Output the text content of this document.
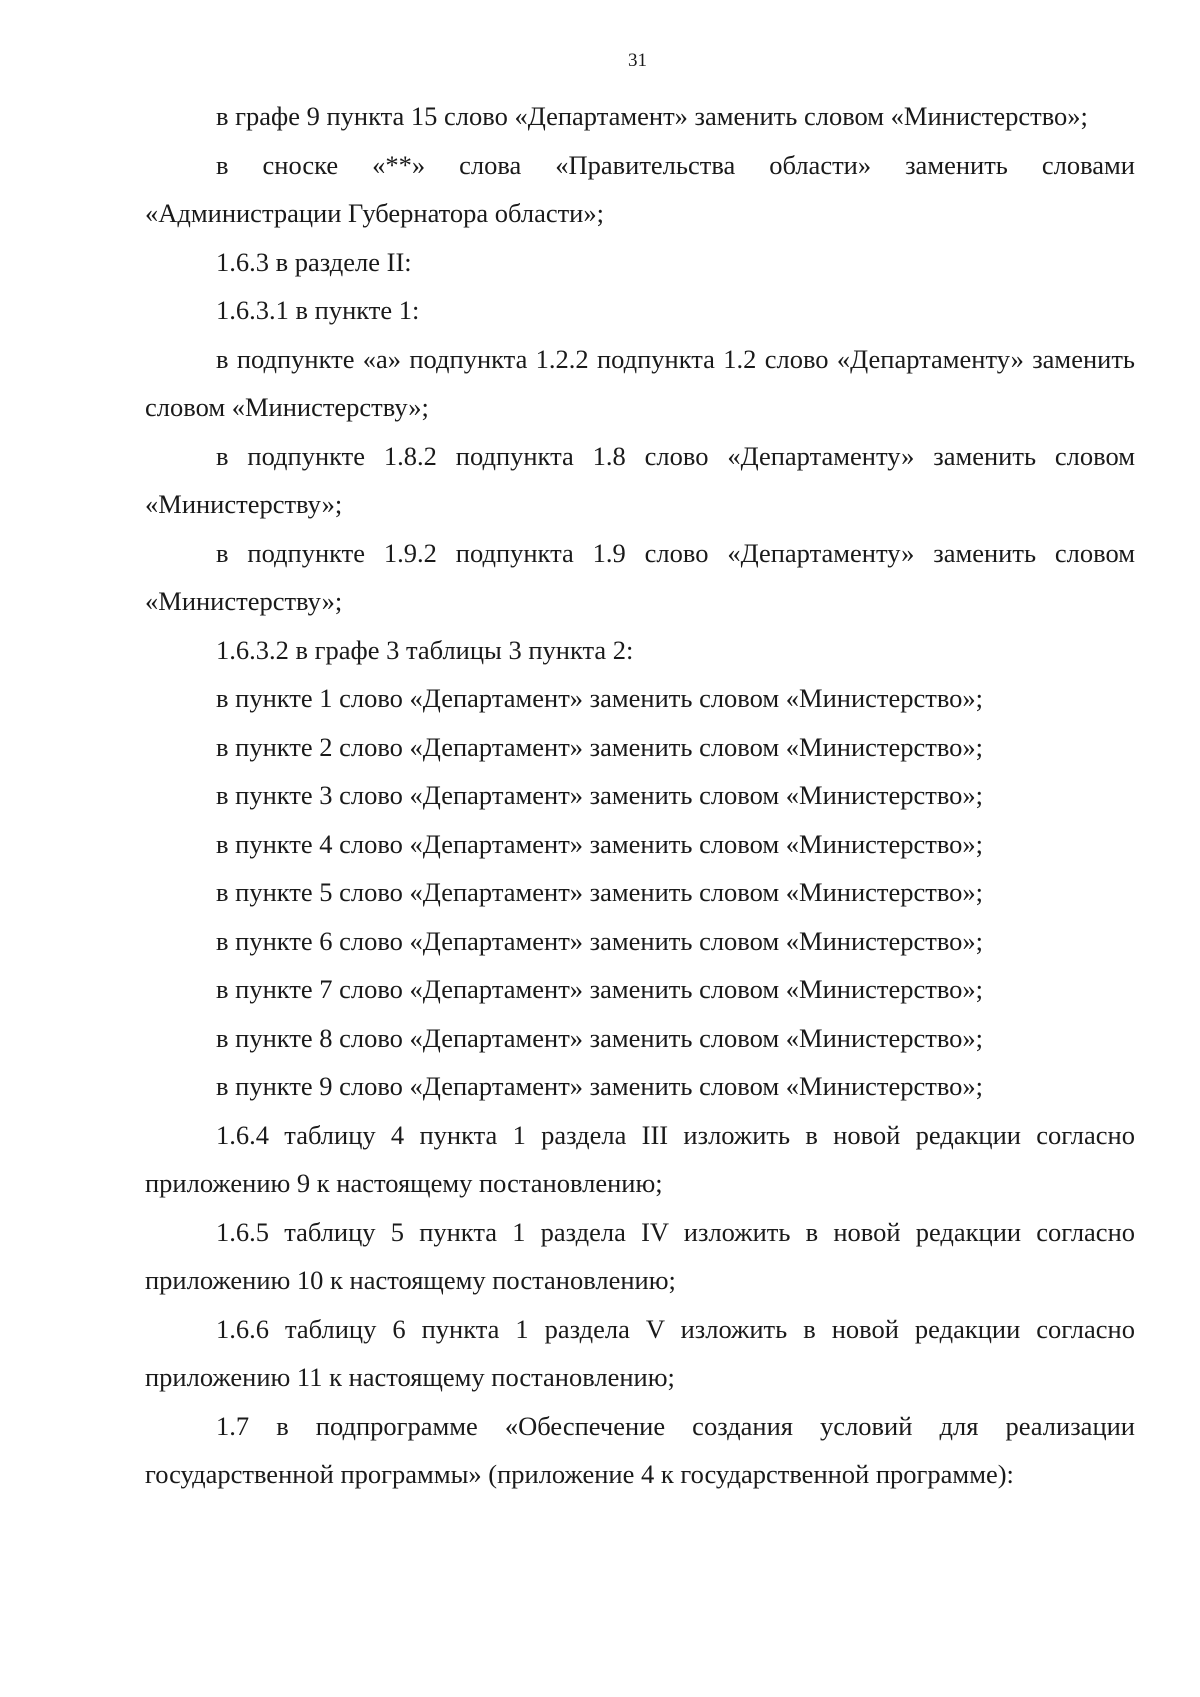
31

в графе 9 пункта 15 слово «Департамент» заменить словом «Министерство»;

в сноске «**» слова «Правительства области» заменить словами «Администрации Губернатора области»;

1.6.3 в разделе II:

1.6.3.1 в пункте 1:

в подпункте «а» подпункта 1.2.2 подпункта 1.2 слово «Департаменту» заменить словом «Министерству»;

в подпункте 1.8.2 подпункта 1.8 слово «Департаменту» заменить словом «Министерству»;

в подпункте 1.9.2 подпункта 1.9 слово «Департаменту» заменить словом «Министерству»;

1.6.3.2 в графе 3 таблицы 3 пункта 2:

в пункте 1 слово «Департамент» заменить словом «Министерство»;

в пункте 2 слово «Департамент» заменить словом «Министерство»;

в пункте 3 слово «Департамент» заменить словом «Министерство»;

в пункте 4 слово «Департамент» заменить словом «Министерство»;

в пункте 5 слово «Департамент» заменить словом «Министерство»;

в пункте 6 слово «Департамент» заменить словом «Министерство»;

в пункте 7 слово «Департамент» заменить словом «Министерство»;

в пункте 8 слово «Департамент» заменить словом «Министерство»;

в пункте 9 слово «Департамент» заменить словом «Министерство»;

1.6.4 таблицу 4 пункта 1 раздела III изложить в новой редакции согласно приложению 9 к настоящему постановлению;

1.6.5 таблицу 5 пункта 1 раздела IV изложить в новой редакции согласно приложению 10 к настоящему постановлению;

1.6.6 таблицу 6 пункта 1 раздела V изложить в новой редакции согласно приложению 11 к настоящему постановлению;

1.7 в подпрограмме «Обеспечение создания условий для реализации государственной программы» (приложение 4 к государственной программе):
